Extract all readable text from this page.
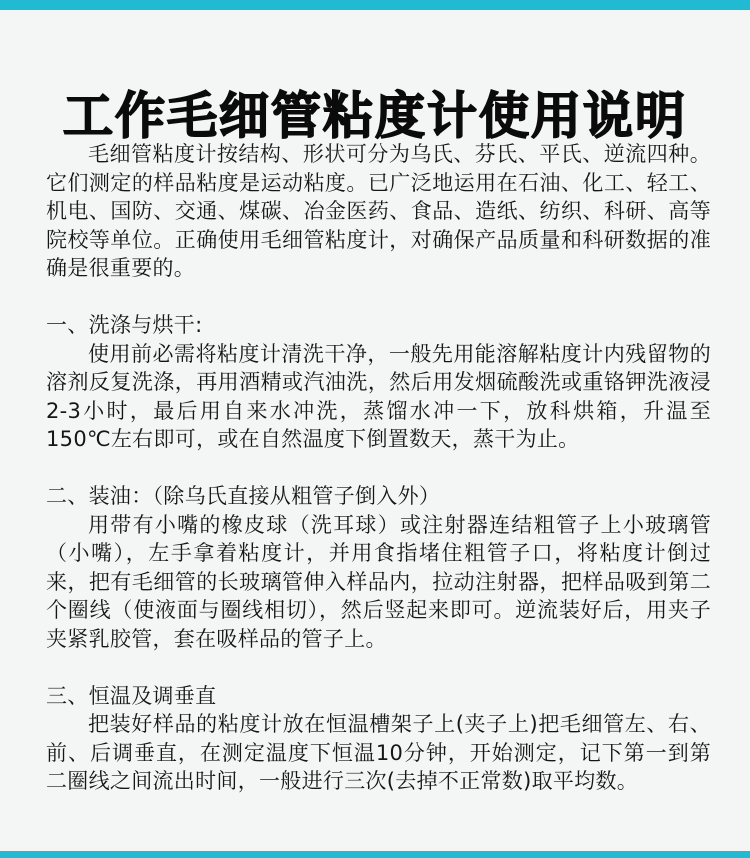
工作毛细管粘度计使用说明

毛细管粘度计按结构、形状可分为乌氏、芬氏、平氏、逆流四种。它们测定的样品粘度是运动粘度。已广泛地运用在石油、化工、轻工、机电、国防、交通、煤碳、冶金医药、食品、造纸、纺织、科研、高等院校等单位。正确使用毛细管粘度计，对确保产品质量和科研数据的准确是很重要的。

一、洗涤与烘干:

使用前必需将粘度计清洗干净，一般先用能溶解粘度计内残留物的溶剂反复洗涤，再用酒精或汽油洗，然后用发烟硫酸洗或重铬钾洗液浸2-3小时，最后用自来水冲洗，蒸馏水冲一下，放科烘箱，升温至150℃左右即可，或在自然温度下倒置数天，蒸干为止。

二、装油：（除乌氏直接从粗管子倒入外）

用带有小嘴的橡皮球（洗耳球）或注射器连结粗管子上小玻璃管（小嘴），左手拿着粘度计，并用食指堵住粗管子口，将粘度计倒过来，把有毛细管的长玻璃管伸入样品内，拉动注射器，把样品吸到第二个圈线（使液面与圈线相切），然后竖起来即可。逆流装好后，用夹子夹紧乳胶管，套在吸样品的管子上。

三、恒温及调垂直

把装好样品的粘度计放在恒温槽架子上(夹子上)把毛细管左、右、前、后调垂直，在测定温度下恒温10分钟，开始测定，记下第一到第二圈线之间流出时间，一般进行三次(去掉不正常数)取平均数。
